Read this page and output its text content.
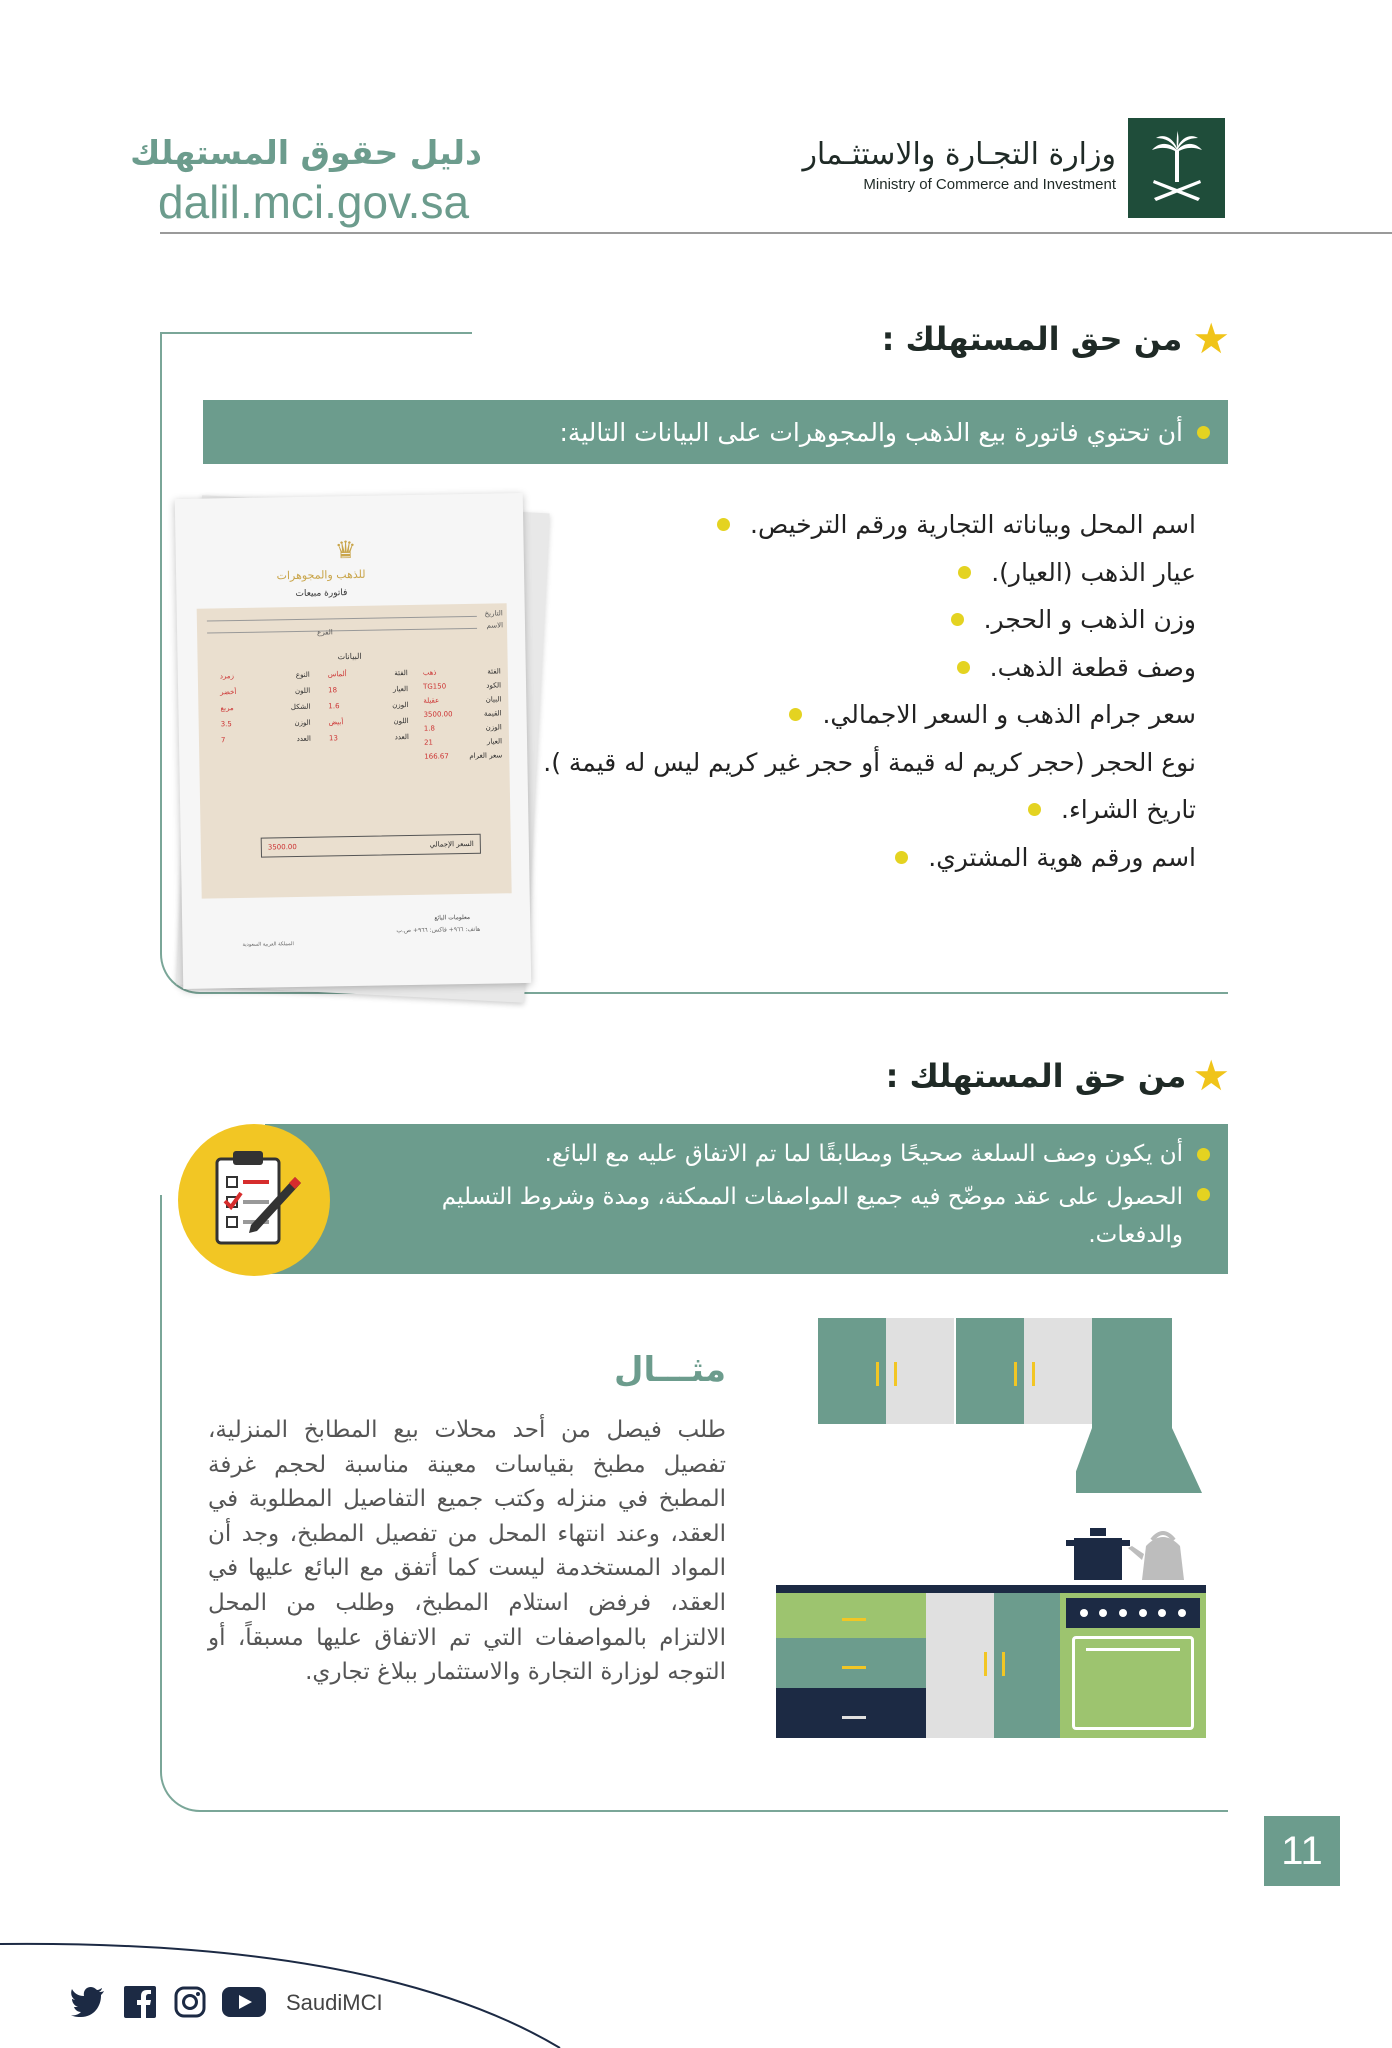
وزارة التجـارة والاستثـمار
Ministry of Commerce and Investment
دليل حقوق المستهلك
dalil.mci.gov.sa
★
من حق المستهلك :
أن تحتوي فاتورة بيع الذهب والمجوهرات على البيانات التالية:
اسم المحل وبياناته التجارية ورقم الترخيص.
عيار الذهب (العيار).
وزن الذهب و الحجر.
وصف قطعة الذهب.
سعر جرام الذهب و السعر الاجمالي.
نوع الحجر (حجر كريم له قيمة أو حجر غير كريم ليس له قيمة ).
تاريخ الشراء.
اسم ورقم هوية المشتري.
♛
للذهب والمجوهرات
فاتورة مبيعات
التاريخ
الاسم
الفرع
البيانات
ذهب	الفئة
TG150	الكود
عقيلة	البيان
3500.00	القيمة
1.8	الوزن
21	العيار
166.67	سعر الغرام
ألماس	الفئة
18	العيار
1.6	الوزن
أبيض	اللون
13	العدد
زمرد	النوع
أخضر	اللون
مربع	الشكل
3.5	الوزن
7	العدد
3500.00	السعر الإجمالي
معلومات البائع
هاتف: ٩٦٦+ فاكس: ٩٦٦+ ص.ب
المملكة العربية السعودية
★
من حق المستهلك :
أن يكون وصف السلعة صحيحًا ومطابقًا لما تم الاتفاق عليه مع البائع.
الحصول على عقد موضّح فيه جميع المواصفات الممكنة، ومدة وشروط التسليم والدفعات.
مثـــال
طلب فيصل من أحد محلات بيع المطابخ المنزلية، تفصيل مطبخ بقياسات معينة مناسبة لحجم غرفة المطبخ في منزله وكتب جميع التفاصيل المطلوبة في العقد، وعند انتهاء المحل من تفصيل المطبخ، وجد أن المواد المستخدمة ليست كما أتفق مع البائع عليها في العقد، فرفض استلام المطبخ، وطلب من المحل الالتزام بالمواصفات التي تم الاتفاق عليها مسبقاً، أو التوجه لوزارة التجارة والاستثمار ببلاغ تجاري.
11
SaudiMCI
